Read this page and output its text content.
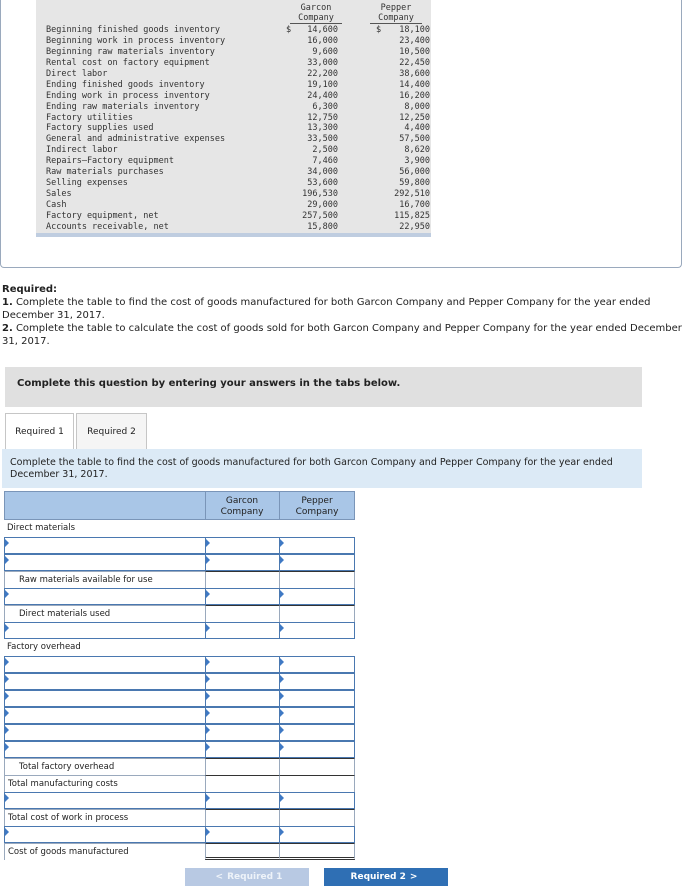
Garcon
Company
Pepper
Company
Beginning finished goods inventory	$ 14,600	$ 18,100
Beginning work in process inventory	16,000	23,400
Beginning raw materials inventory	9,600	10,500
Rental cost on factory equipment	33,000	22,450
Direct labor	22,200	38,600
Ending finished goods inventory	19,100	14,400
Ending work in process inventory	24,400	16,200
Ending raw materials inventory	6,300	8,000
Factory utilities	12,750	12,250
Factory supplies used	13,300	4,400
General and administrative expenses	33,500	57,500
Indirect labor	2,500	8,620
Repairs—Factory equipment	7,460	3,900
Raw materials purchases	34,000	56,000
Selling expenses	53,600	59,800
Sales	196,530	292,510
Cash	29,000	16,700
Factory equipment, net	257,500	115,825
Accounts receivable, net	15,800	22,950
Required:
1. Complete the table to find the cost of goods manufactured for both Garcon Company and Pepper Company for the year ended December 31, 2017.
2. Complete the table to calculate the cost of goods sold for both Garcon Company and Pepper Company for the year ended December 31, 2017.
Complete this question by entering your answers in the tabs below.
Required 1	Required 2
Complete the table to find the cost of goods manufactured for both Garcon Company and Pepper Company for the year ended December 31, 2017.
Garcon
Company
Pepper
Company
Direct materials
Raw materials available for use
Direct materials used
Factory overhead
Total factory overhead
Total manufacturing costs
Total cost of work in process
Cost of goods manufactured
< Required 1	Required 2 >
